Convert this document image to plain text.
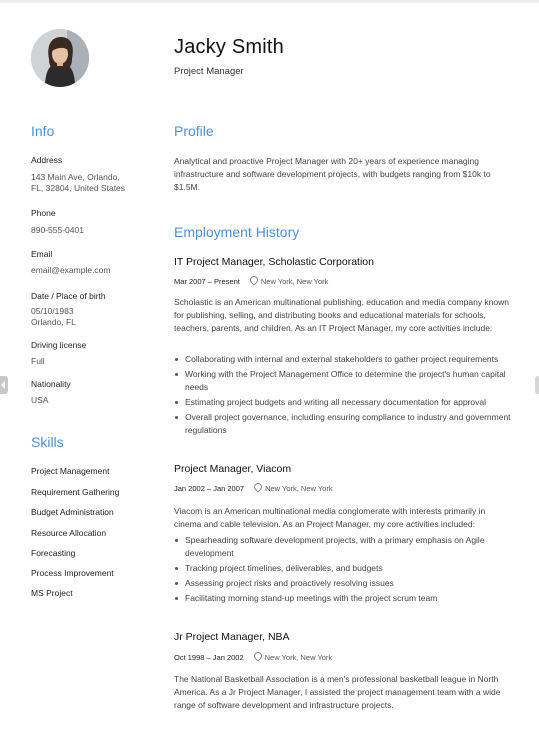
Jacky Smith
Project Manager
Info
Address
143 Main Ave, Orlando,
FL, 32804, United States
Phone
890-555-0401
Email
email@example.com
Date / Place of birth
05/10/1983
Orlando, FL
Driving license
Full
Nationality
USA
Skills
Project Management
Requirement Gathering
Budget Administration
Resource Allocation
Forecasting
Process Improvement
MS Project
Profile
Analytical and proactive Project Manager with 20+ years of experience managing infrastructure and software development projects, with budgets ranging from $10k to $1.5M.
Employment History
IT Project Manager, Scholastic Corporation
Mar 2007 – Present	New York, New York
Scholastic is an American multinational publishing, education and media company known for publishing, selling, and distributing books and educational materials for schools, teachers, parents, and children. As an IT Project Manager, my core activities include:
Collaborating with internal and external stakeholders to gather project requirements
Working with the Project Management Office to determine the project's human capital needs
Estimating project budgets and writing all necessary documentation for approval
Overall project governance, including ensuring compliance to industry and government regulations
Project Manager, Viacom
Jan 2002 – Jan 2007	New York, New York
Viacom is an American multinational media conglomerate with interests primarily in cinema and cable television. As an Project Manager, my core activities included:
Spearheading software development projects, with a primary emphasis on Agile development
Tracking project timelines, deliverables, and budgets
Assessing project risks and proactively resolving issues
Facilitating morning stand-up meetings with the project scrum team
Jr Project Manager, NBA
Oct 1998 – Jan 2002	New York, New York
The National Basketball Association is a men's professional basketball league in North America. As a Jr Project Manager, I assisted the project management team with a wide range of software development and infrastructure projects.
